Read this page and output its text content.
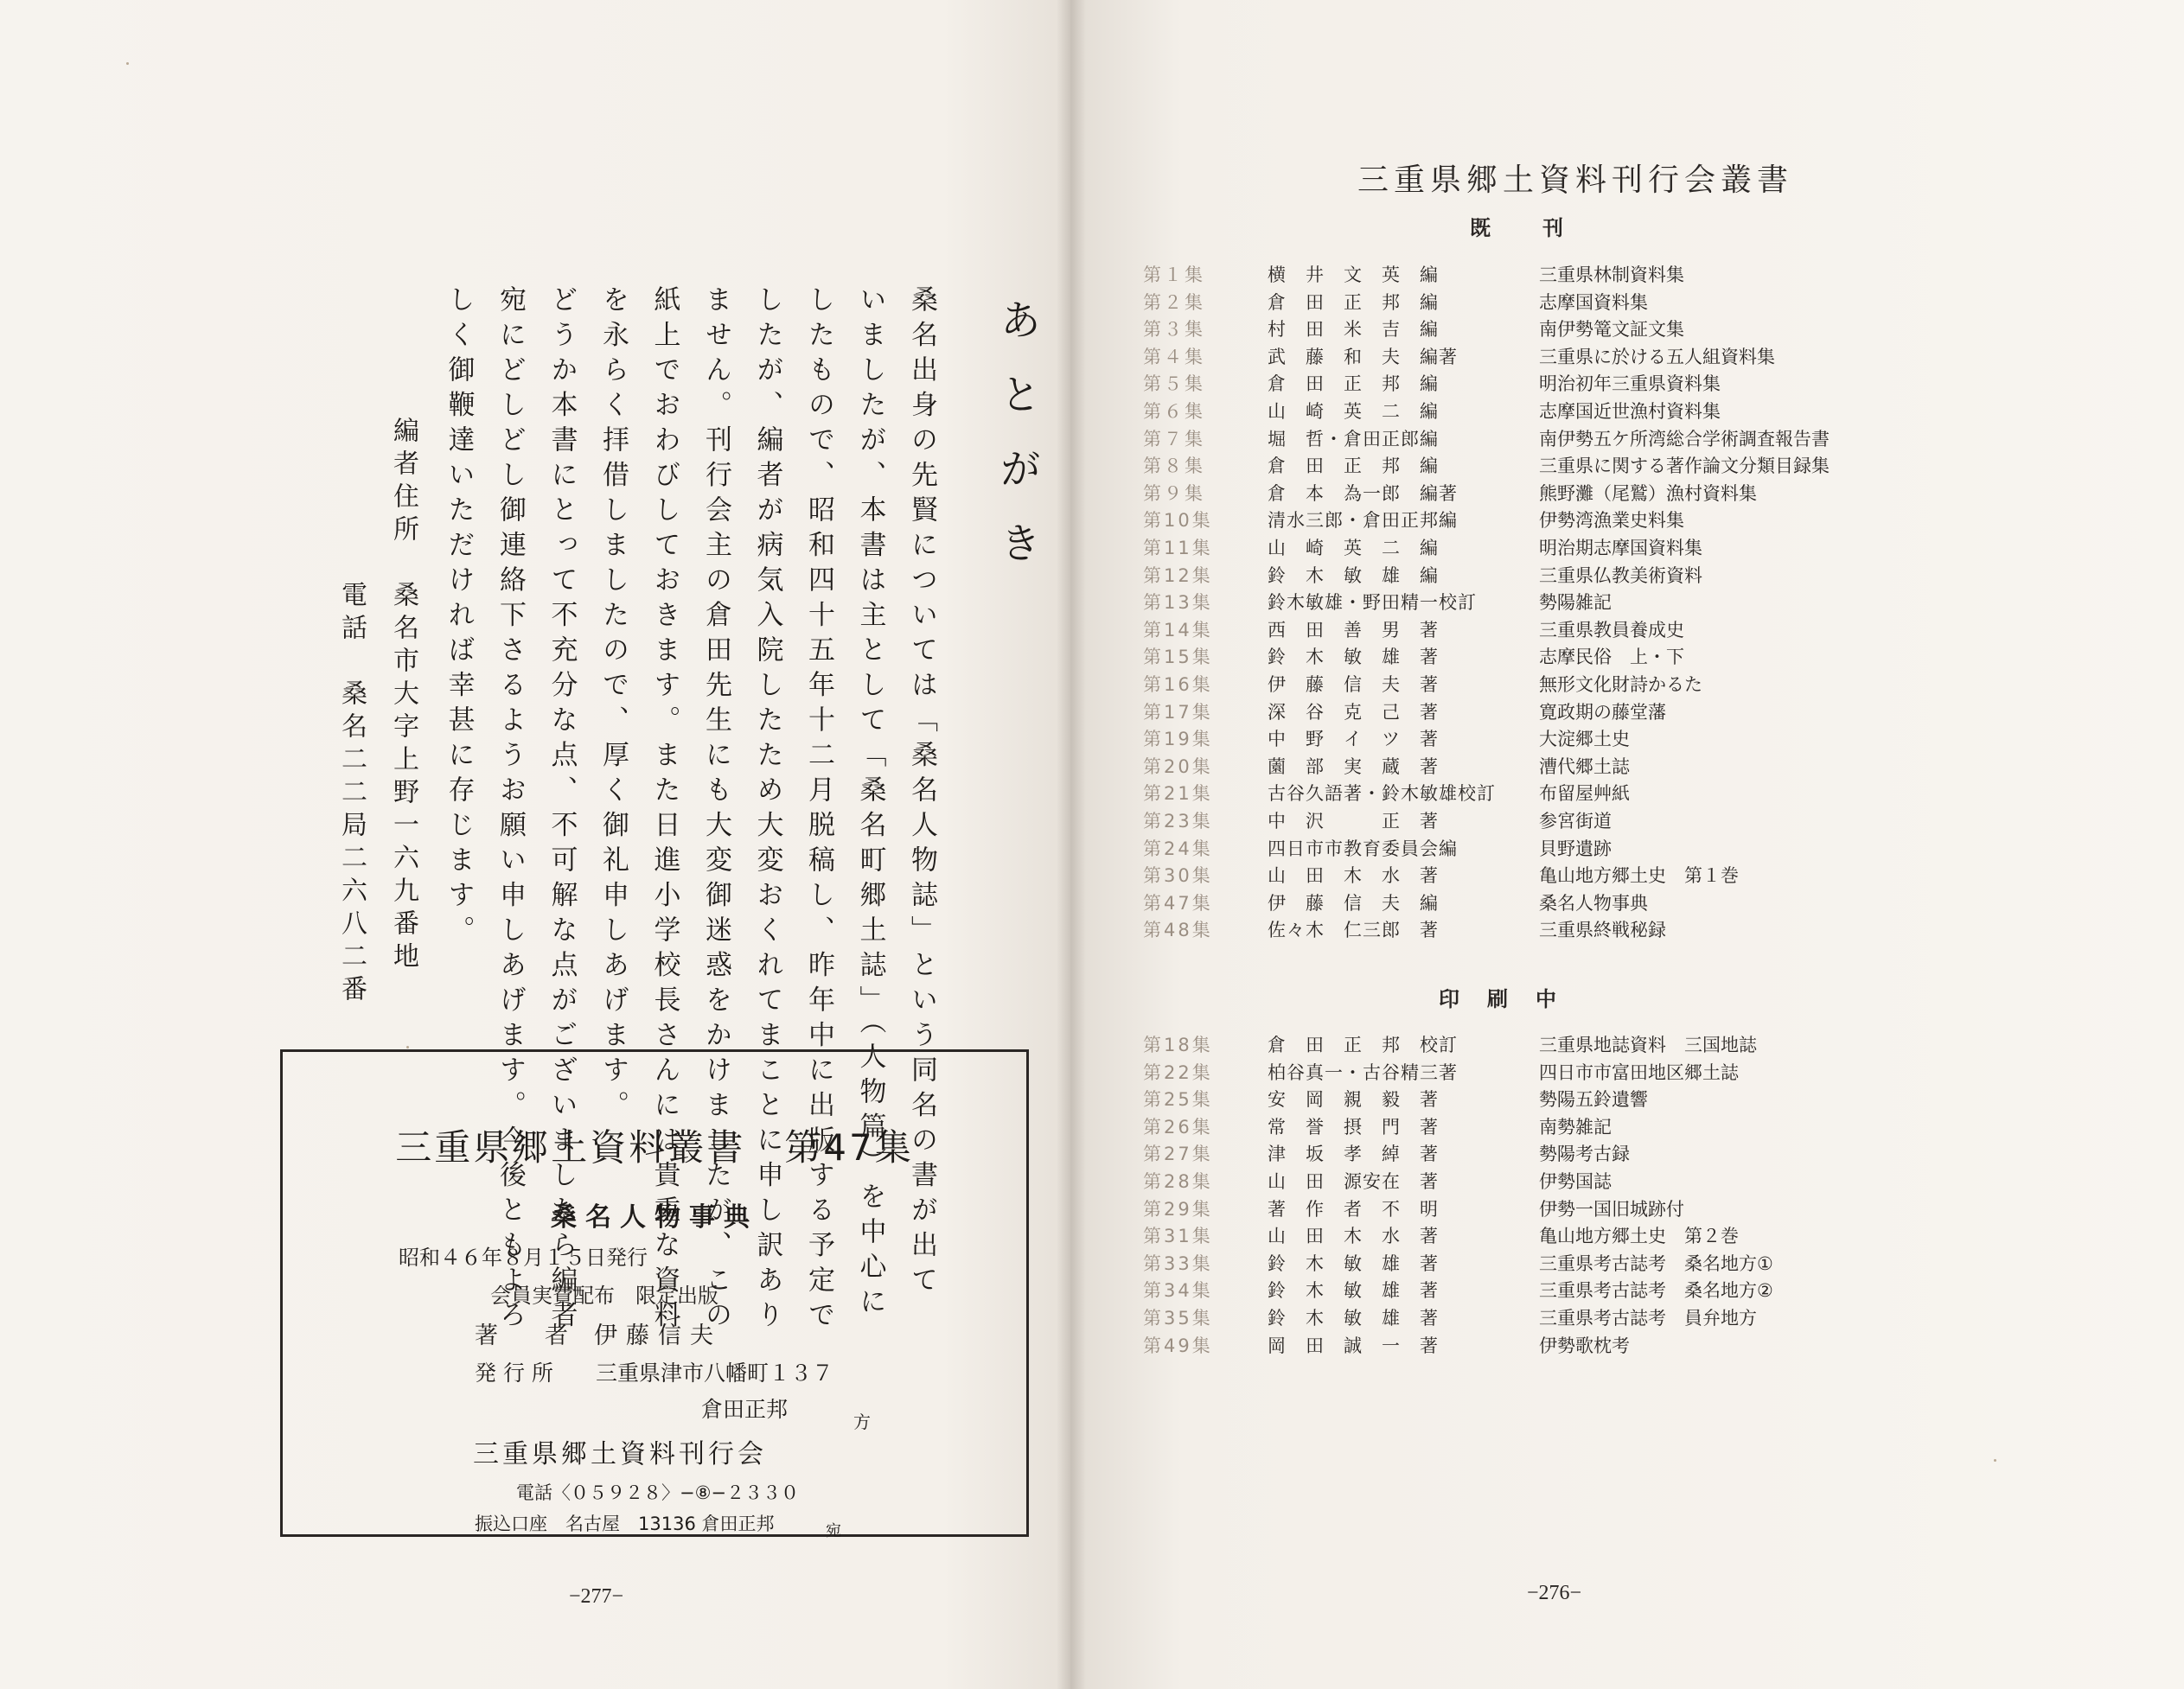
あとがき
桑名出身の先賢については「桑名人物誌」という同名の書が出て
いましたが、本書は主として「桑名町郷土誌」（人物篇）を中心に
したもので、昭和四十五年十二月脱稿し、昨年中に出版する予定で
したが、編者が病気入院したため大変おくれてまことに申し訳あり
ません。刊行会主の倉田先生にも大変御迷惑をかけましたが、この
紙上でおわびしておきます。また日進小学校長さんには貴重な資料
を永らく拝借しましたので、厚く御礼申しあげます。
どうか本書にとって不充分な点、不可解な点がございましたら編者
宛にどしどし御連絡下さるようお願い申しあげます。今後ともよろ
しく御鞭達いただければ幸甚に存じます。
編者住所
桑名市大字上野一六九番地
電話　桑名二二局二六八二番
三重県郷土資料叢書　第47集
桑名人物事典
昭和４６年８月１５日発行
会員実費配布　限定出版
著　　者 伊藤信夫
発 行 所 三重県津市八幡町１３７
倉田正邦	方
三重県郷土資料刊行会
電話〈０５９２８〉−⑧−２３３０
振込口座　名古屋　13136 倉田正邦	宛
−277−
三重県郷土資料刊行会叢書
既　　刊
第１集	横　井　文　英　編	三重県林制資料集
第２集	倉　田　正　邦　編	志摩国資料集
第３集	村　田　米　吉　編	南伊勢篭文証文集
第４集	武　藤　和　夫　編著	三重県に於ける五人組資料集
第５集	倉　田　正　邦　編	明治初年三重県資料集
第６集	山　崎　英　二　編	志摩国近世漁村資料集
第７集	堀　哲・倉田正郎編	南伊勢五ケ所湾総合学術調査報告書
第８集	倉　田　正　邦　編	三重県に関する著作論文分類目録集
第９集	倉　本　為一郎　編著	熊野灘（尾鷲）漁村資料集
第10集	清水三郎・倉田正邦編	伊勢湾漁業史料集
第11集	山　崎　英　二　編	明治期志摩国資料集
第12集	鈴　木　敏　雄　編	三重県仏教美術資料
第13集	鈴木敏雄・野田精一校訂	勢陽雑記
第14集	西　田　善　男　著	三重県教員養成史
第15集	鈴　木　敏　雄　著	志摩民俗　上・下
第16集	伊　藤　信　夫　著	無形文化財詩かるた
第17集	深　谷　克　己　著	寛政期の藤堂藩
第19集	中　野　イ　ツ　著	大淀郷土史
第20集	薗　部　実　蔵　著	漕代郷土誌
第21集	古谷久語著・鈴木敏雄校訂 布留屋艸紙
第23集	中　沢　　　正　著	参宮街道
第24集	四日市市教育委員会編	貝野遺跡
第30集	山　田　木　水　著	亀山地方郷土史　第１巻
第47集	伊　藤　信　夫　編	桑名人物事典
第48集	佐々木　仁三郎　著	三重県終戦秘録
印　刷　中
第18集	倉　田　正　邦　校訂	三重県地誌資料　三国地誌
第22集	柏谷真一・古谷精三著	四日市市富田地区郷土誌
第25集	安　岡　親　毅　著	勢陽五鈴遺響
第26集	常　誉　摂　門　著	南勢雑記
第27集	津　坂　孝　綽　著	勢陽考古録
第28集	山　田　源安在　著	伊勢国誌
第29集	著　作　者　不　明	伊勢一国旧城跡付
第31集	山　田　木　水　著	亀山地方郷土史　第２巻
第33集	鈴　木　敏　雄　著	三重県考古誌考　桑名地方①
第34集	鈴　木　敏　雄　著	三重県考古誌考　桑名地方②
第35集	鈴　木　敏　雄　著	三重県考古誌考　員弁地方
第49集	岡　田　誠　一　著	伊勢歌枕考
−276−
